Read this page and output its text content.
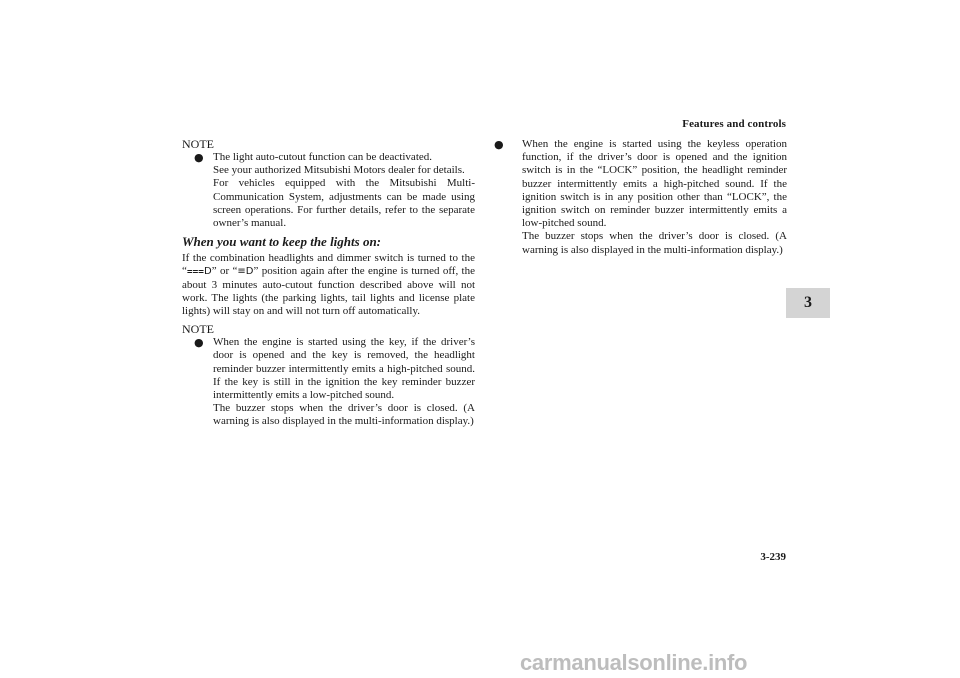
Features and controls
3
NOTE
● The light auto-cutout function can be deactivated.

See your authorized Mitsubishi Motors dealer for details.

For vehicles equipped with the Mitsubishi Multi-Communication System, adjustments can be made using screen operations. For further details, refer to the separate owner’s manual.

When you want to keep the lights on:

If the combination headlights and dimmer switch is turned to the “⩶D” or “≡D” position again after the engine is turned off, the about 3 minutes auto-cutout function described above will not work. The lights (the parking lights, tail lights and license plate lights) will stay on and will not turn off automatically.

NOTE
● When the engine is started using the key, if the driver’s door is opened and the key is removed, the headlight reminder buzzer intermittently emits a high-pitched sound. If the key is still in the ignition the key reminder buzzer intermittently emits a low-pitched sound.

The buzzer stops when the driver’s door is closed. (A warning is also displayed in the multi-information display.)

● When the engine is started using the keyless operation function, if the driver’s door is opened and the ignition switch is in the “LOCK” position, the headlight reminder buzzer intermittently emits a high-pitched sound. If the ignition switch is in any position other than “LOCK”, the ignition switch on reminder buzzer intermittently emits a low-pitched sound.

The buzzer stops when the driver’s door is closed. (A warning is also displayed in the multi-information display.)

3-239
carmanualsonline.info
